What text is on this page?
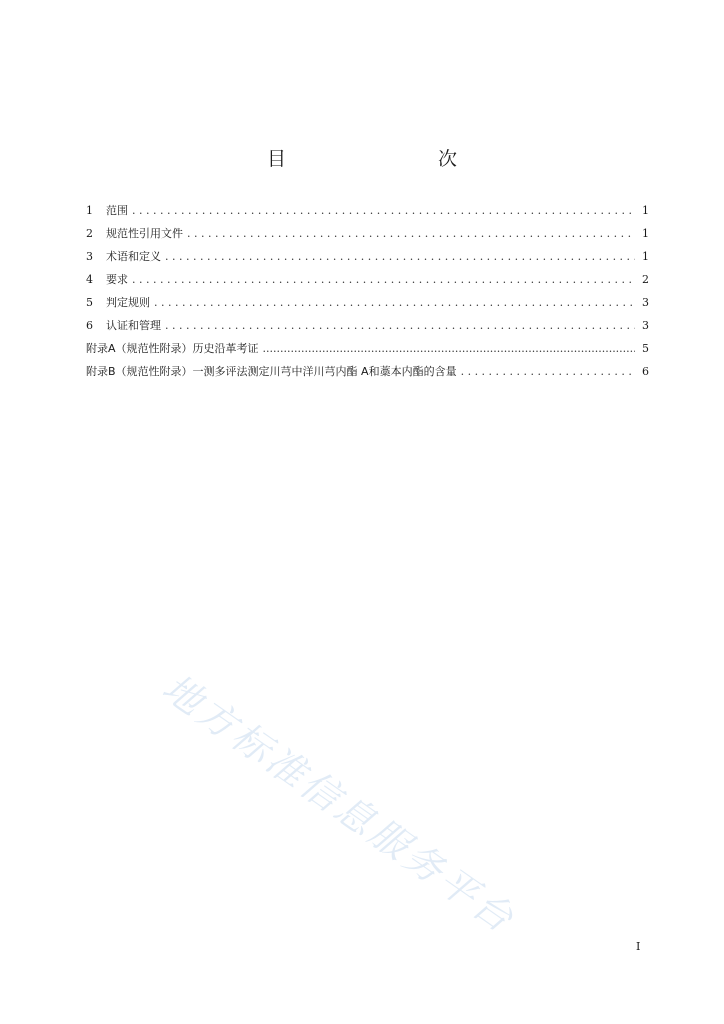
目　　次
1	范围 . . .	1
2	规范性引用文件 . . .	1
3	术语和定义 . . .	1
4	要求 . . .	2
5	判定规则 . . .	3
6	认证和管理 . . .	3
附录A（规范性附录）历史沿革考证 .....	5
附录B（规范性附录）一测多评法测定川芎中洋川芎内酯 A和藁本内酯的含量 . . .	6
地方标准信息服务平台
I
